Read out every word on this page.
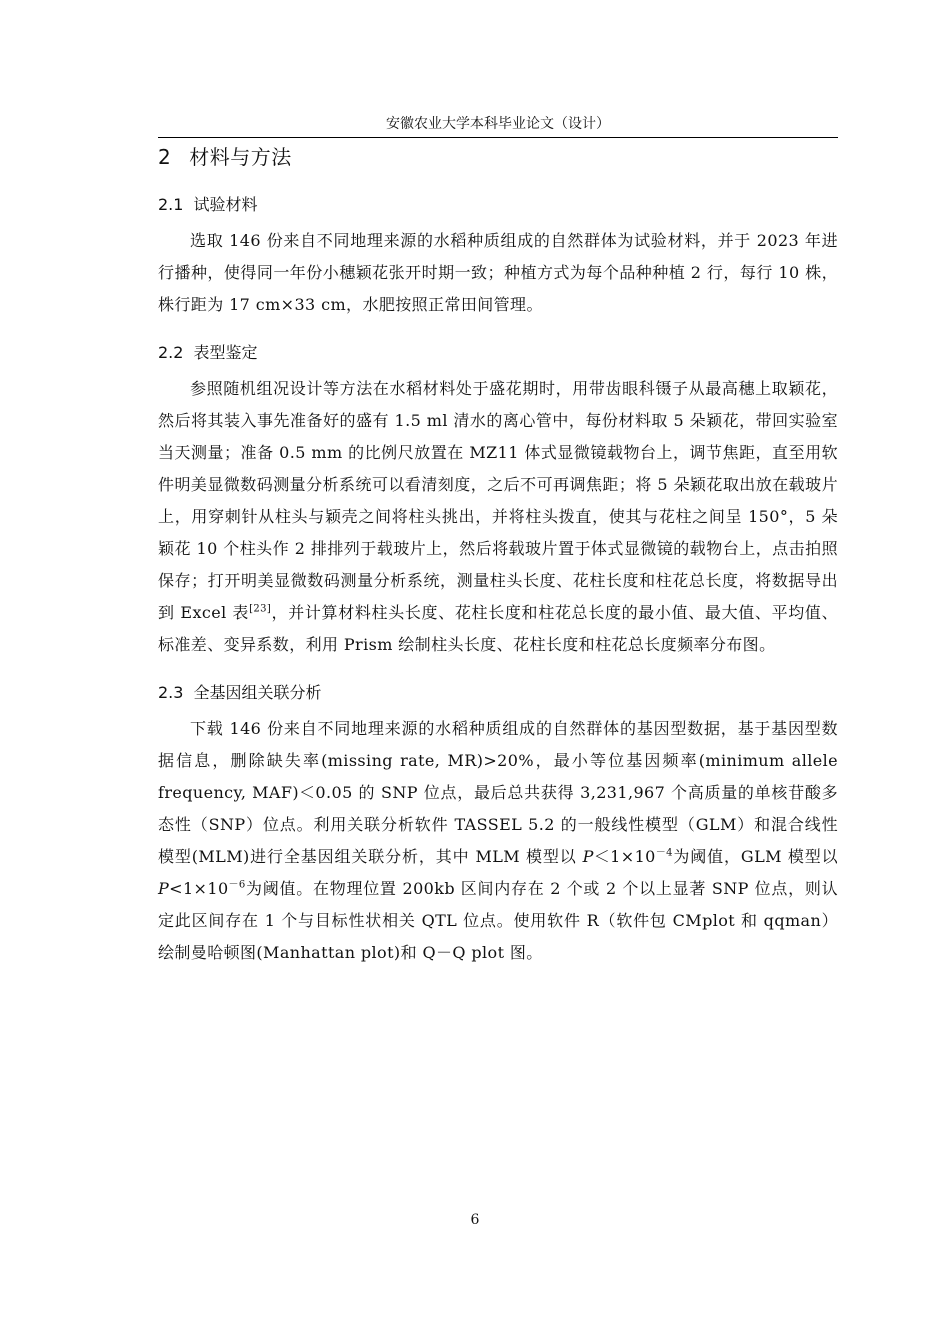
安徽农业大学本科毕业论文（设计）
2 材料与方法
2.1 试验材料

选取 146 份来自不同地理来源的水稻种质组成的自然群体为试验材料，并于 2023 年进行播种，使得同一年份小穗颖花张开时期一致；种植方式为每个品种种植 2 行，每行 10 株，株行距为 17 cm×33 cm，水肥按照正常田间管理。

2.2 表型鉴定

参照随机组况设计等方法在水稻材料处于盛花期时，用带齿眼科镊子从最高穗上取颖花，然后将其装入事先准备好的盛有 1.5 ml 清水的离心管中，每份材料取 5 朵颖花，带回实验室当天测量；准备 0.5 mm 的比例尺放置在 MZ11 体式显微镜载物台上，调节焦距，直至用软件明美显微数码测量分析系统可以看清刻度，之后不可再调焦距；将 5 朵颖花取出放在载玻片上，用穿刺针从柱头与颖壳之间将柱头挑出，并将柱头拨直，使其与花柱之间呈 150°，5 朵颖花 10 个柱头作 2 排排列于载玻片上，然后将载玻片置于体式显微镜的载物台上，点击拍照保存；打开明美显微数码测量分析系统，测量柱头长度、花柱长度和柱花总长度，将数据导出到 Excel 表[23]，并计算材料柱头长度、花柱长度和柱花总长度的最小值、最大值、平均值、标准差、变异系数，利用 Prism 绘制柱头长度、花柱长度和柱花总长度频率分布图。

2.3 全基因组关联分析

下载 146 份来自不同地理来源的水稻种质组成的自然群体的基因型数据，基于基因型数据信息，删除缺失率(missing rate, MR)>20%，最小等位基因频率(minimum allele frequency, MAF)＜0.05 的 SNP 位点，最后总共获得 3,231,967 个高质量的单核苷酸多态性（SNP）位点。利用关联分析软件 TASSEL 5.2 的一般线性模型（GLM）和混合线性模型(MLM)进行全基因组关联分析，其中 MLM 模型以 $P<1\times 10^{-4}$为阈值，GLM 模型以 $P<1\times 10^{-6}$为阈值。在物理位置 200kb 区间内存在 2 个或 2 个以上显著 SNP 位点，则认定此区间存在 1 个与目标性状相关 QTL 位点。使用软件 R（软件包 CMplot 和 qqman）绘制曼哈顿图(Manhattan plot)和 Q－Q plot 图。

6
